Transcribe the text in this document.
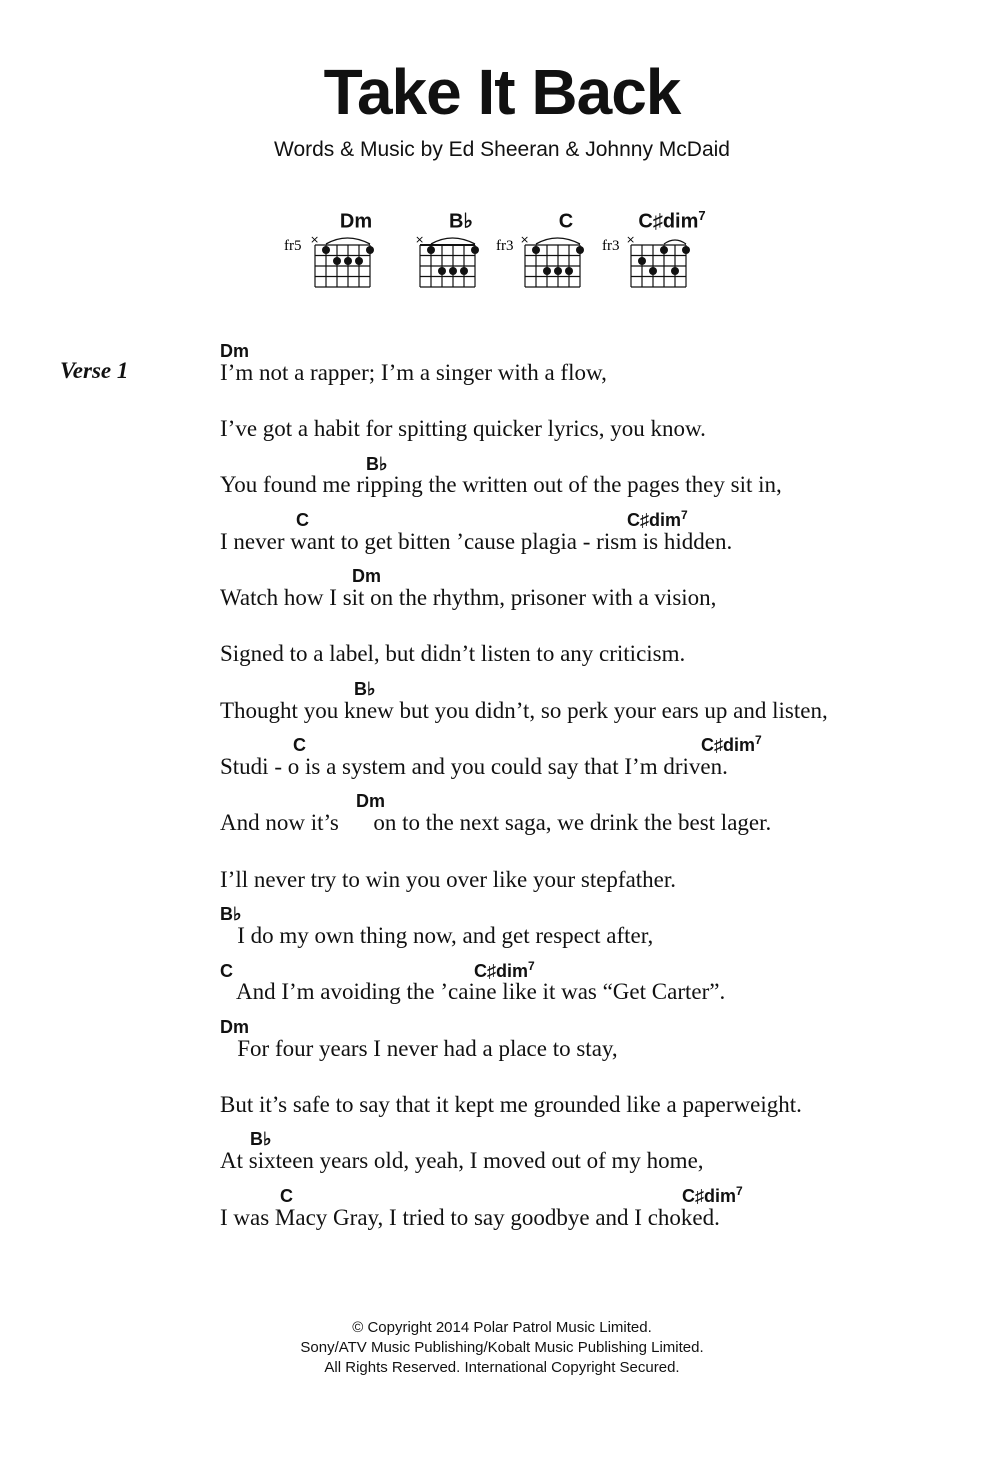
Take It Back
Words & Music by Ed Sheeran & Johnny McDaid
Dm
fr5 ×
B♭
×
C
fr3 ×
C♯dim$^7$
fr3 ×
Verse 1
Dm
I’m not a rapper; I’m a singer with a flow,
I’ve got a habit for spitting quicker lyrics, you know.
B♭
You found me ripping the written out of the pages they sit in,
C	C♯dim$^7$
I never want to get bitten ’cause plagia - rism is hidden.
Dm
Watch how I sit on the rhythm, prisoner with a vision,
Signed to a label, but didn’t listen to any criticism.
B♭
Thought you knew but you didn’t, so perk your ears up and listen,
C	C♯dim$^7$
Studi - o is a system and you could say that I’m driven.
Dm
And now it’s      on to the next saga, we drink the best lager.
I’ll never try to win you over like your stepfather.
B♭
I do my own thing now, and get respect after,
C	C♯dim$^7$
And I’m avoiding the ’caine like it was “Get Carter”.
Dm
For four years I never had a place to stay,
But it’s safe to say that it kept me grounded like a paperweight.
B♭
At sixteen years old, yeah, I moved out of my home,
C	C♯dim$^7$
I was Macy Gray, I tried to say goodbye and I choked.
© Copyright 2014 Polar Patrol Music Limited.
Sony/ATV Music Publishing/Kobalt Music Publishing Limited.
All Rights Reserved. International Copyright Secured.
